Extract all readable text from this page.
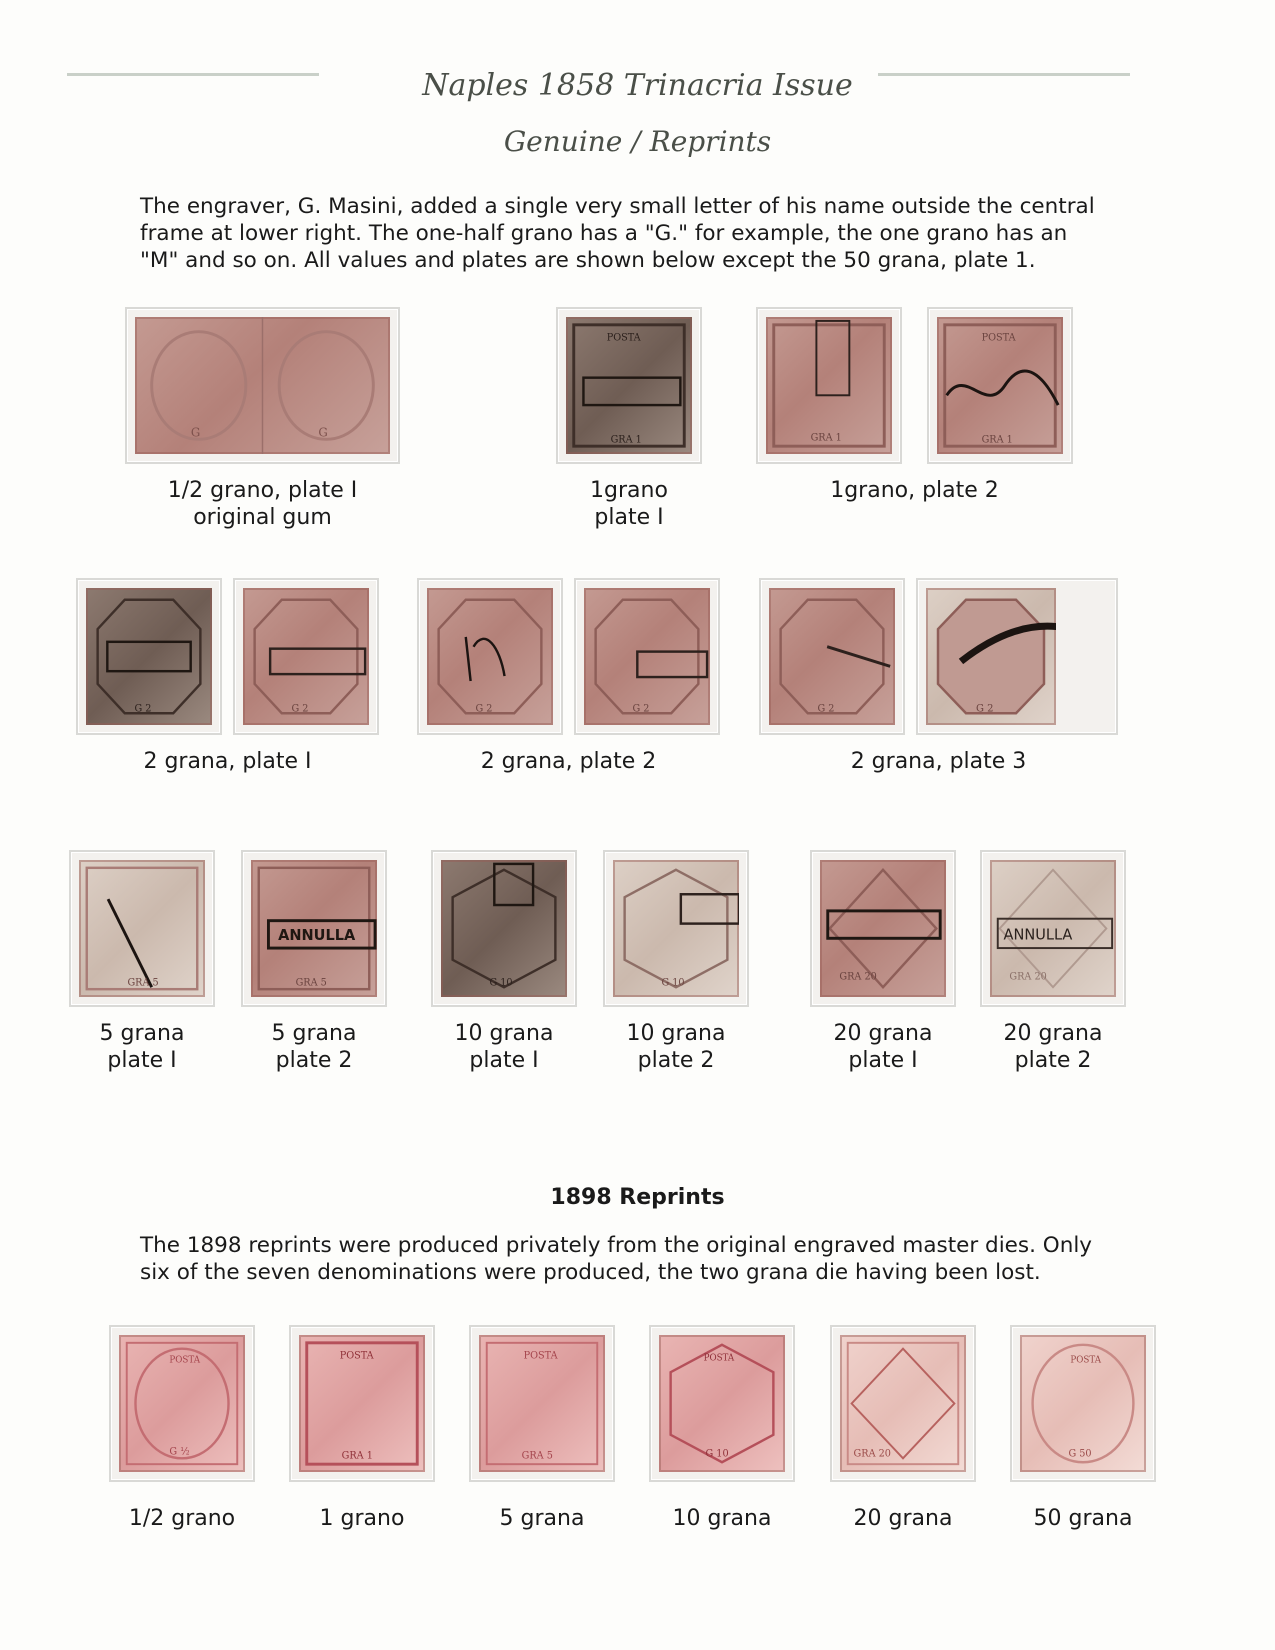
Naples 1858 Trinacria Issue
Genuine / Reprints
The engraver, G. Masini, added a single very small letter of his name outside the central
frame at lower right. The one-half grano has a "G." for example, the one grano has an
"M" and so on. All values and plates are shown below except the 50 grana, plate 1.
G	G
POSTA
GRA 1	GRA 1
POSTA
GRA 1
1/2 grano, plate I
original gum
1grano
plate I
1grano, plate 2
G 2	G 2	G 2	G 2	G 2	G 2
2 grana, plate I	2 grana, plate 2	2 grana, plate 3
GRA 5
ANNULLA
GRA 5	G 10	G 10
GRA 20
ANNULLA
GRA 20
5 grana
plate I
5 grana
plate 2
10 grana
plate I
10 grana
plate 2
20 grana
plate I
20 grana
plate 2
1898 Reprints
The 1898 reprints were produced privately from the original engraved master dies. Only
six of the seven denominations were produced, the two grana die having been lost.
POSTA
G ½
POSTA
GRA 1
POSTA
GRA 5
POSTA
G 10	GRA 20
POSTA
G 50
1/2 grano	1 grano	5 grana	10 grana	20 grana	50 grana
